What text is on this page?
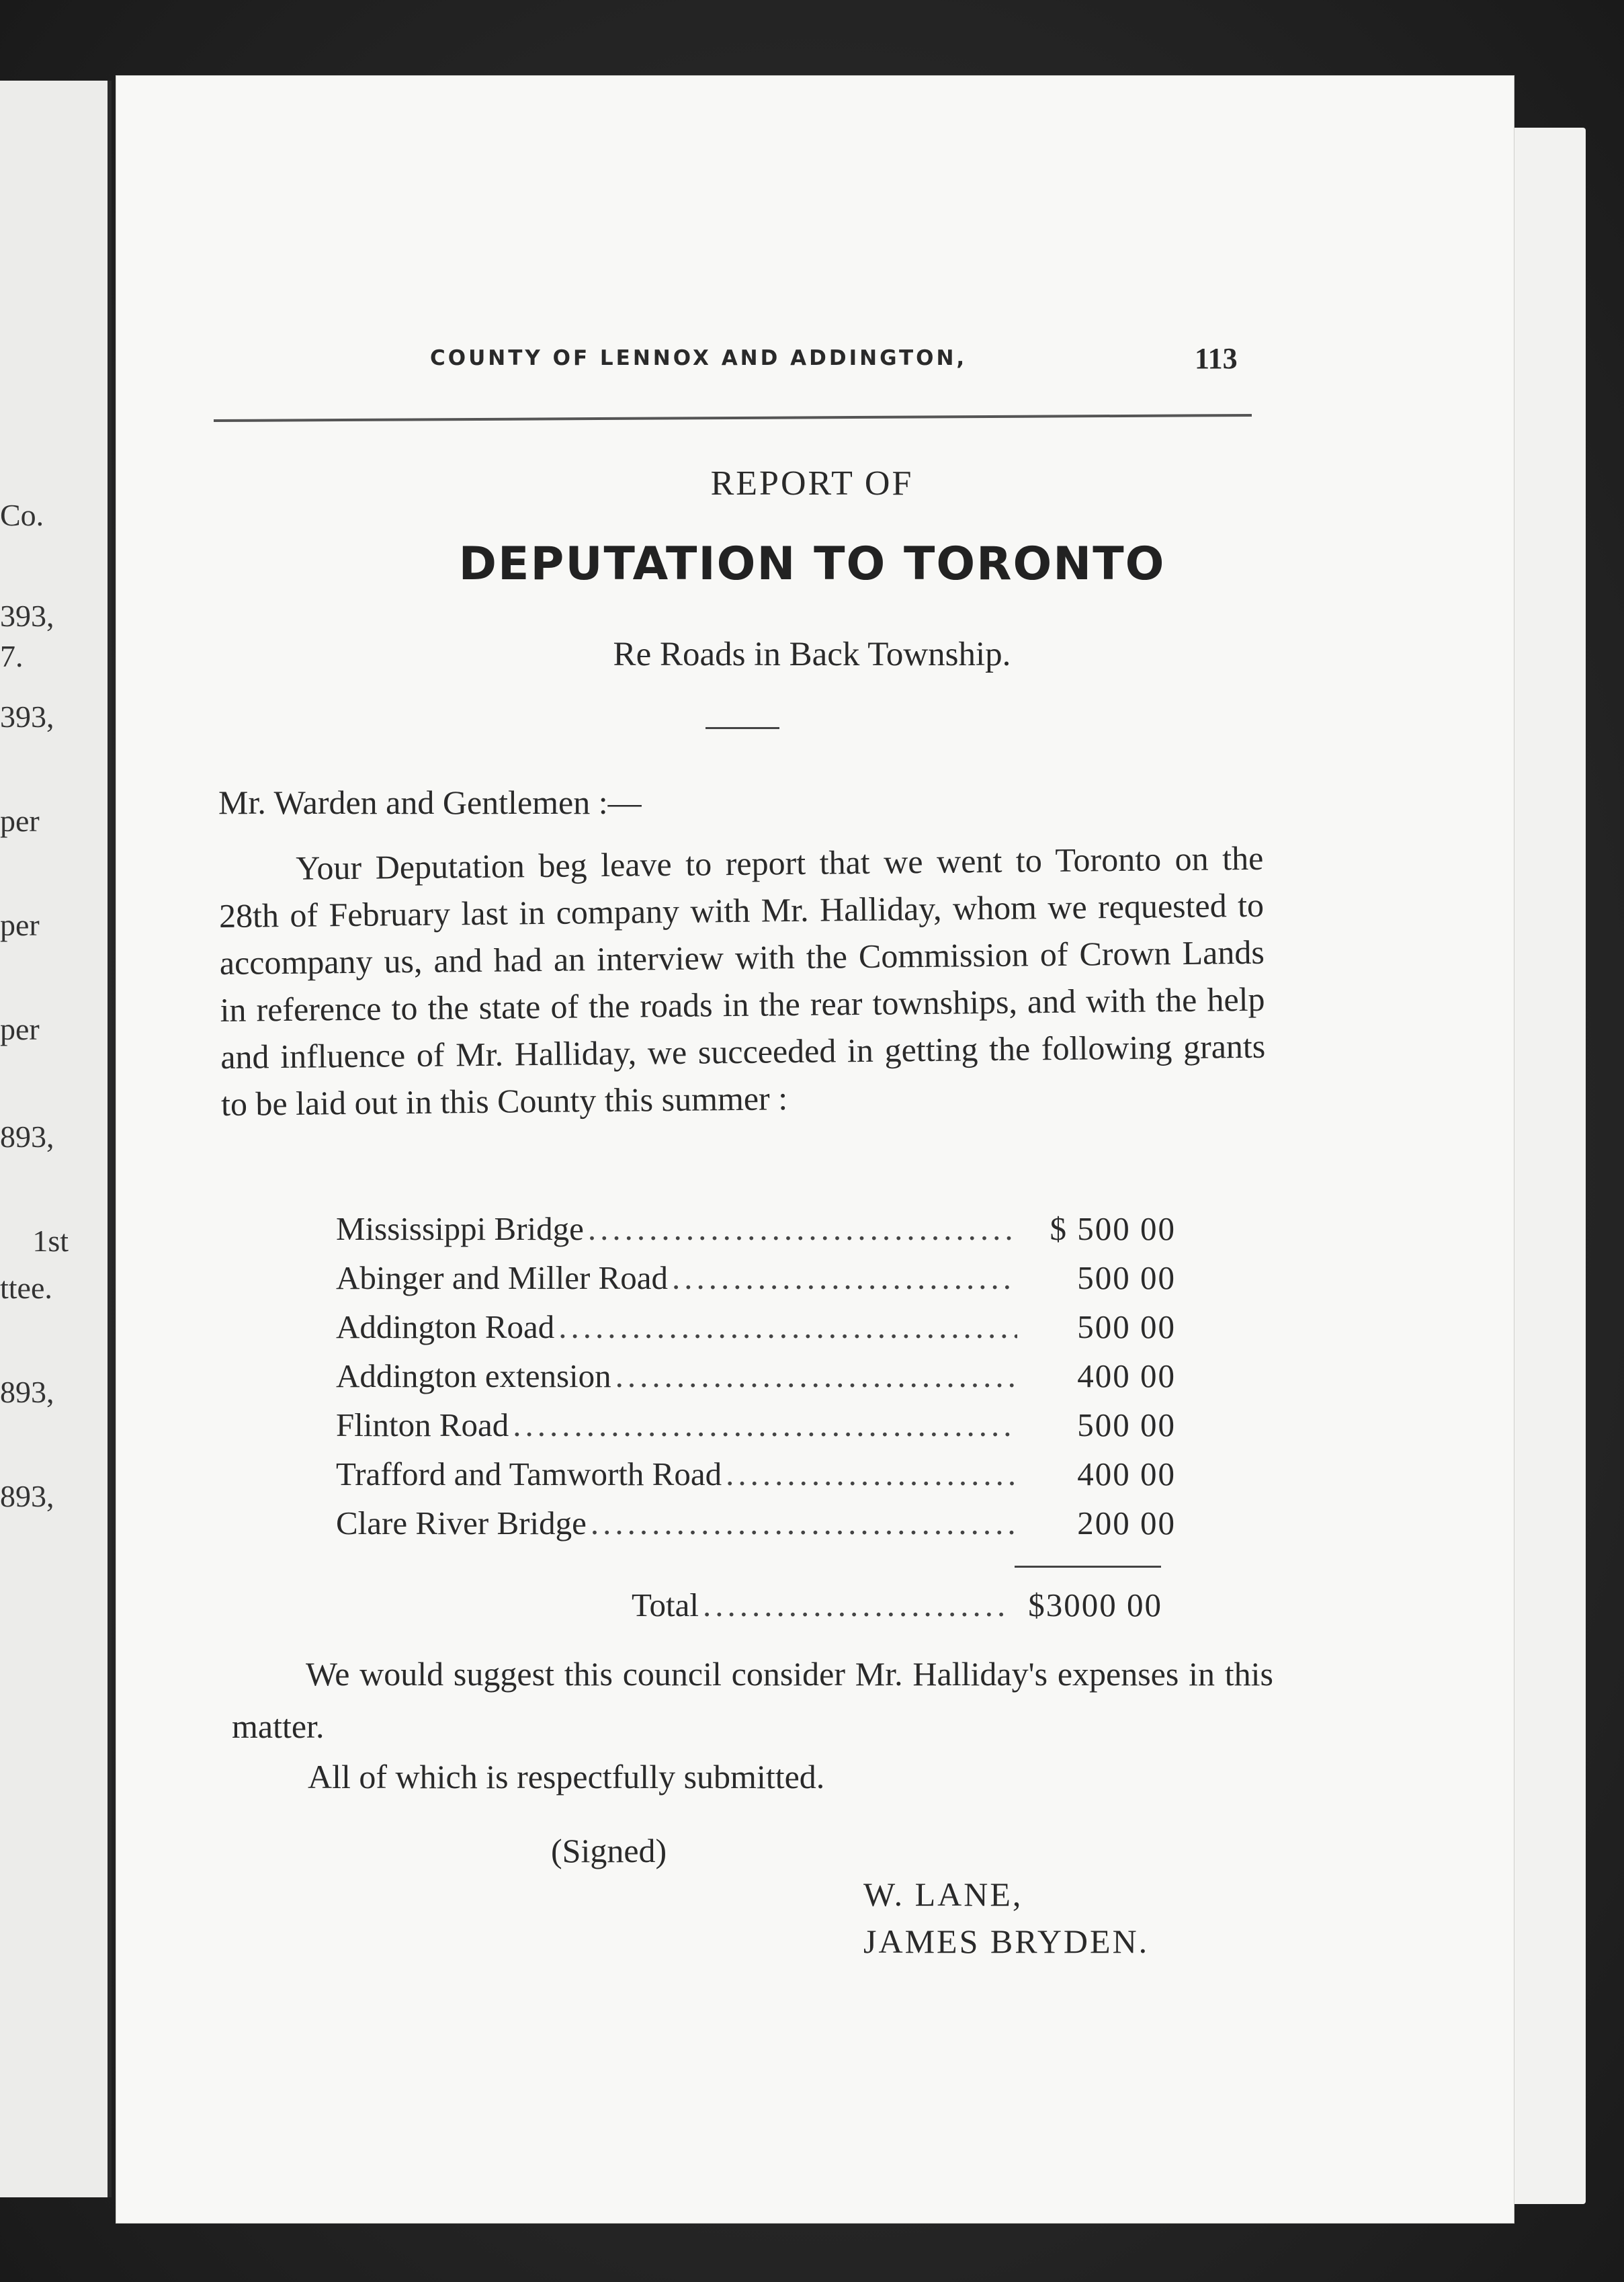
Co.
393,
7.
393,
per
per
per
893,
1st
ttee.
893,
893,
COUNTY OF LENNOX AND ADDINGTON,	113
REPORT OF
DEPUTATION TO TORONTO
Re Roads in Back Township.
Mr. Warden and Gentlemen :—
Your Deputation beg leave to report that we went to Toronto on the 28th of February last in company with Mr. Halliday, whom we requested to accompany us, and had an interview with the Commission of Crown Lands in reference to the state of the roads in the rear townships, and with the help and influence of Mr. Halliday, we succeeded in getting the following grants to be laid out in this County this summer :
Mississippi Bridge .....	$ 500 00
Abinger and Miller Road .....	500 00
Addington Road .....	500 00
Addington extension .....	400 00
Flinton Road .....	500 00
Trafford and Tamworth Road .....	400 00
Clare River Bridge .....	200 00
Total .....	$3000 00
We would suggest this council consider Mr. Halliday's expenses in this matter.
All of which is respectfully submitted.
(Signed)
W. LANE,
JAMES BRYDEN.
